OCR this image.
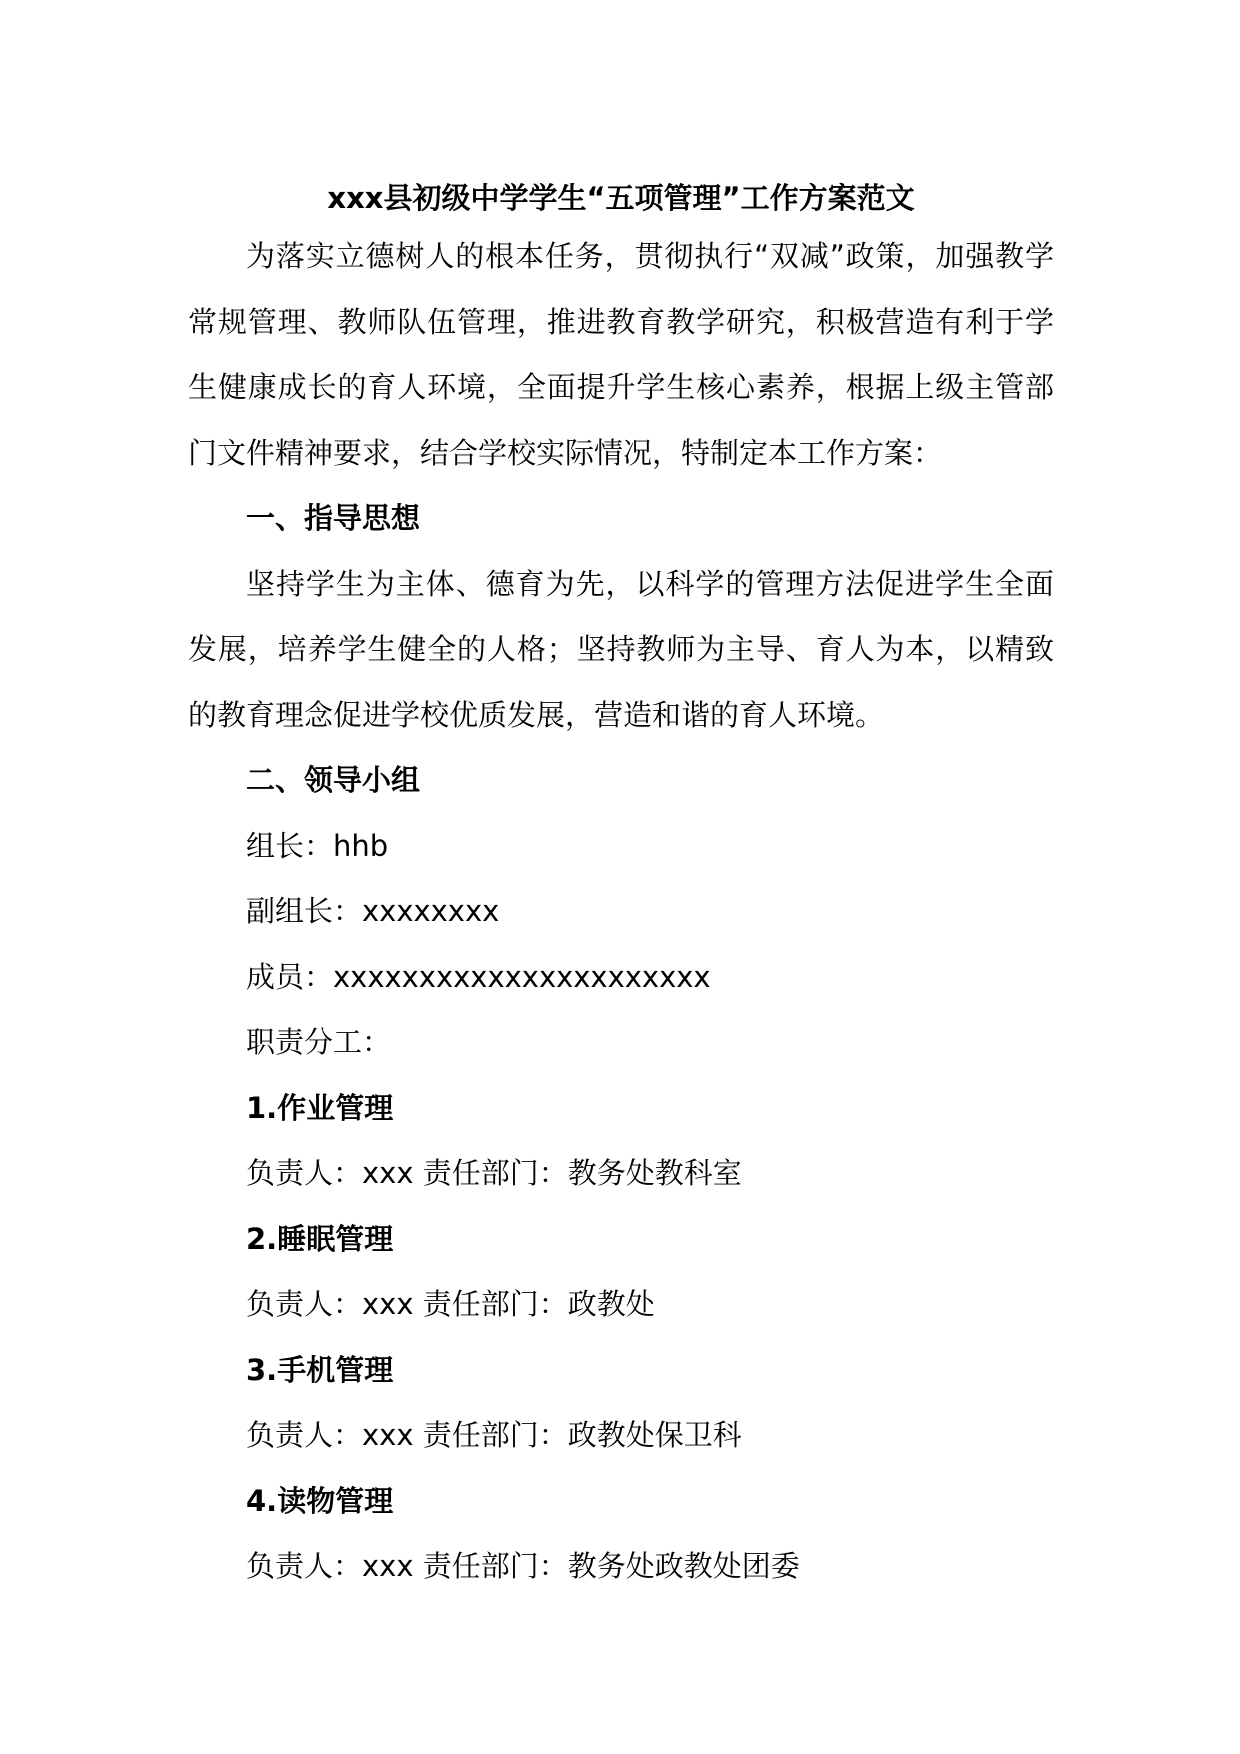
xxx县初级中学学生“五项管理”工作方案范文

为落实立德树人的根本任务，贯彻执行“双减”政策，加强教学常规管理、教师队伍管理，推进教育教学研究，积极营造有利于学生健康成长的育人环境，全面提升学生核心素养，根据上级主管部门文件精神要求，结合学校实际情况，特制定本工作方案：

一、指导思想

坚持学生为主体、德育为先，以科学的管理方法促进学生全面发展，培养学生健全的人格；坚持教师为主导、育人为本，以精致的教育理念促进学校优质发展，营造和谐的育人环境。

二、领导小组
组长：hhb
副组长：xxxxxxxx
成员：xxxxxxxxxxxxxxxxxxxxxx
职责分工：
1.作业管理
负责人：xxx 责任部门：教务处教科室
2.睡眠管理
负责人：xxx 责任部门：政教处
3.手机管理
负责人：xxx 责任部门：政教处保卫科
4.读物管理
负责人：xxx 责任部门：教务处政教处团委
